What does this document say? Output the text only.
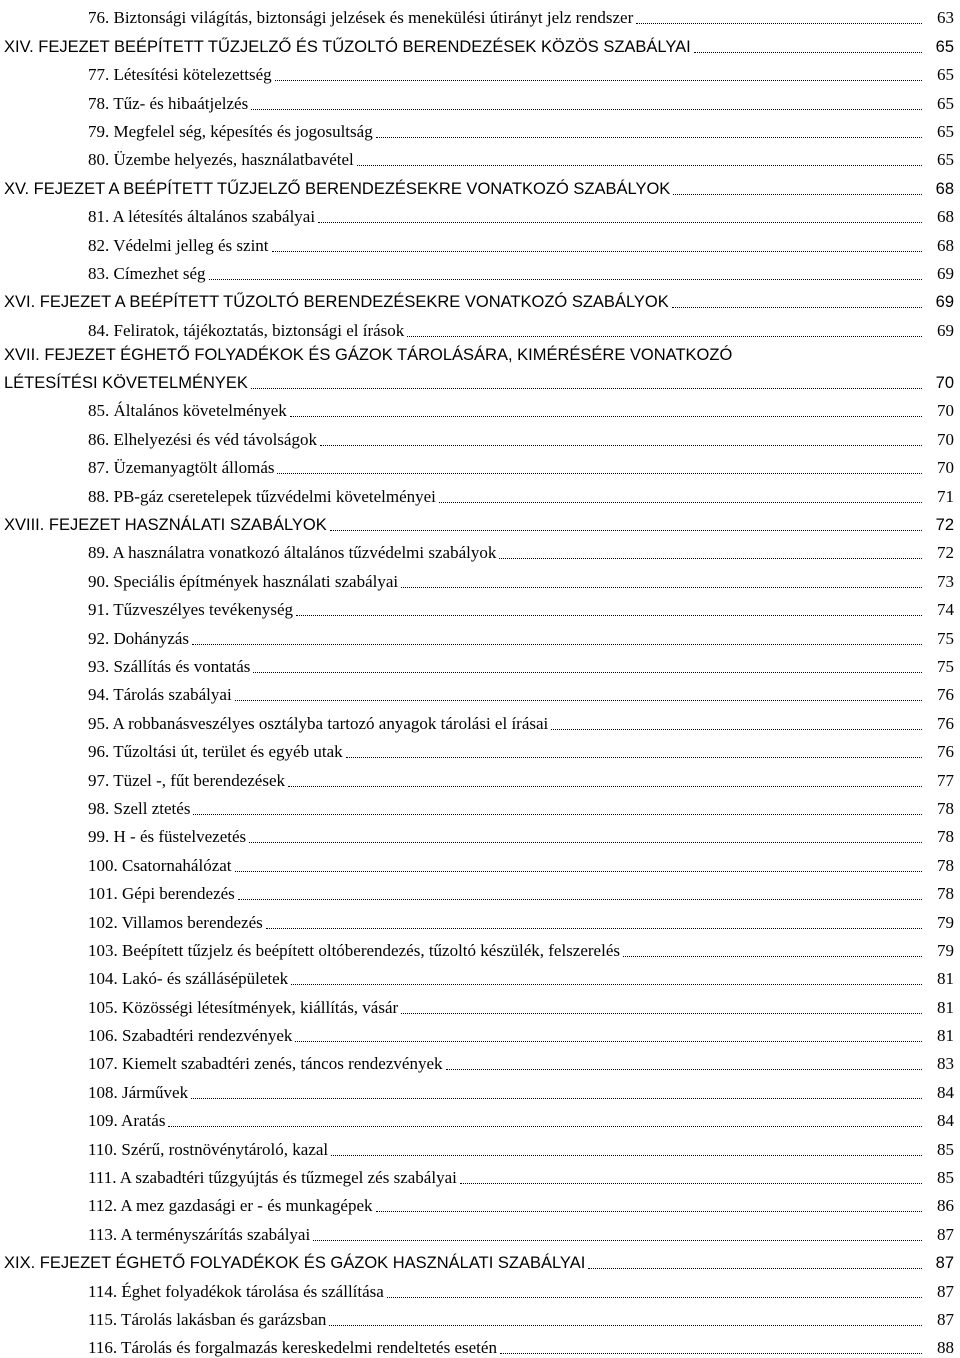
76. Biztonsági világítás, biztonsági jelzések és menekülési útirányt jelz rendszer	63
XIV. FEJEZET BEÉPÍTETT TŰZJELZŐ ÉS TŰZOLTÓ BERENDEZÉSEK KÖZÖS SZABÁLYAI	65
77. Létesítési kötelezettség	65
78. Tűz- és hibaátjelzés	65
79. Megfelel ség, képesítés és jogosultság	65
80. Üzembe helyezés, használatbavétel	65
XV. FEJEZET A BEÉPÍTETT TŰZJELZŐ BERENDEZÉSEKRE VONATKOZÓ SZABÁLYOK	68
81. A létesítés általános szabályai	68
82. Védelmi jelleg és szint	68
83. Címezhet ség	69
XVI. FEJEZET A BEÉPÍTETT TŰZOLTÓ BERENDEZÉSEKRE VONATKOZÓ SZABÁLYOK	69
84. Feliratok, tájékoztatás, biztonsági el írások	69
XVII. FEJEZET ÉGHETŐ FOLYADÉKOK ÉS GÁZOK TÁROLÁSÁRA, KIMÉRÉSÉRE VONATKOZÓ
LÉTESÍTÉSI KÖVETELMÉNYEK	70
85. Általános követelmények	70
86. Elhelyezési és véd távolságok	70
87. Üzemanyagtölt állomás	70
88. PB-gáz cseretelepek tűzvédelmi követelményei	71
XVIII. FEJEZET HASZNÁLATI SZABÁLYOK	72
89. A használatra vonatkozó általános tűzvédelmi szabályok	72
90. Speciális építmények használati szabályai	73
91. Tűzveszélyes tevékenység	74
92. Dohányzás	75
93. Szállítás és vontatás	75
94. Tárolás szabályai	76
95. A robbanásveszélyes osztályba tartozó anyagok tárolási el írásai	76
96. Tűzoltási út, terület és egyéb utak	76
97. Tüzel -, fűt berendezések	77
98. Szell ztetés	78
99. H - és füstelvezetés	78
100. Csatornahálózat	78
101. Gépi berendezés	78
102. Villamos berendezés	79
103. Beépített tűzjelz és beépített oltóberendezés, tűzoltó készülék, felszerelés	79
104. Lakó- és szállásépületek	81
105. Közösségi létesítmények, kiállítás, vásár	81
106. Szabadtéri rendezvények	81
107. Kiemelt szabadtéri zenés, táncos rendezvények	83
108. Járművek	84
109. Aratás	84
110. Szérű, rostnövénytároló, kazal	85
111. A szabadtéri tűzgyújtás és tűzmegel zés szabályai	85
112. A mez gazdasági er - és munkagépek	86
113. A terményszárítás szabályai	87
XIX. FEJEZET ÉGHETŐ FOLYADÉKOK ÉS GÁZOK HASZNÁLATI SZABÁLYAI	87
114. Éghet folyadékok tárolása és szállítása	87
115. Tárolás lakásban és garázsban	87
116. Tárolás és forgalmazás kereskedelmi rendeltetés esetén	88
